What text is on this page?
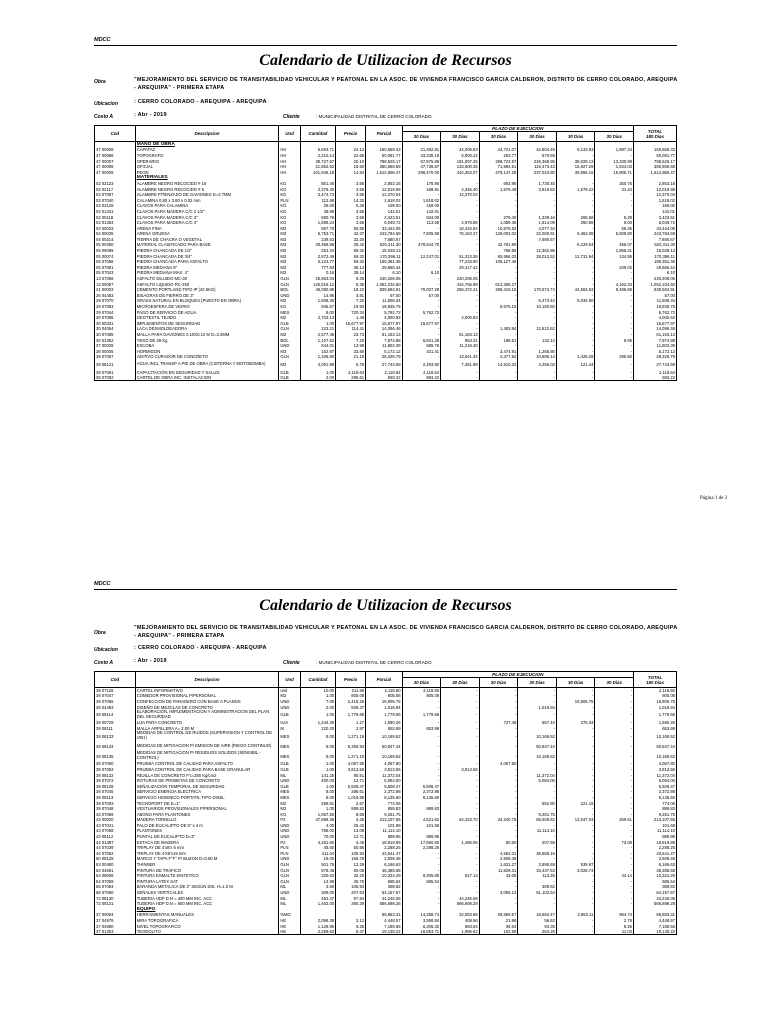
MDCC
Calendario de Utilizacion de Recursos
Obra	"MEJORAMIENTO DEL SERVICIO DE TRANSITABILIDAD VEHICULAR Y PEATONAL EN LA ASOC. DE VIVIENDA FRANCISCO GARCIA CALDERON, DISTRITO DE CERRO COLORADO, AREQUIPA - AREQUIPA" - PRIMERA ETAPA
Ubicacion	: CERRO COLORADO - AREQUIPA - AREQUIPA
Costo A	: Abr - 2019	Cliente	: MUNICIPALIDAD DISTRITAL DE CERRO COLORADO
Cod	Descripcion	Und	Cantidad	Precio	Parcial	PLAZO DE EJECUCION						TOTAL
180 Dias
						30 Dias	30 Dias	30 Dias	30 Dias	30 Dias	30 Dias	
	MANO DE OBRA											
47 00006	CAPATAZ	HH	6,693.71	24.12	160,658.33	21,392.81	44,006.83	44,721.07	42,804.45	5,133.93	1,897.24	160,658.33
47 00086	TOPOGRAFO	HH	2,210.14	22.66	50,081.77	43,338.19	5,800.22	263.77	679.59	-	-	50,081.77
47 00007	OPERARIO	HH	39,727.67	20.10	798,526.17	67,975.89	181,097.25	268,723.97	226,369.95	38,028.13	13,330.98	798,526.17
47 00008	OFICIAL	HH	21,852.52	16.50	360,566.58	47,736.87	133,600.45	71,984.51	119,473.43	15,927.29	1,844.03	360,566.58
47 00009	PEON	HH	101,945.18	14.84	1,512,866.47	298,470.00	442,363.07	479,147.28	237,023.80	39,956.15	15,905.71	1,512,866.47
	MATERIALES											
02 02123	ALAMBRE NEGRO RECOCIDO # 16	KG	801.45	3.56	2,853.16	178.90	-	693.96	1,730.45	-	250.75	2,853.16
02 02117	ALAMBRE NEGRO RECOCIDO # 8	KG	3,376.40	3.56	12,019.98	168.91	4,345.40	1,978.49	3,916.52	1,579.22	31.44	12,019.98
02 07087	ALAMBRE P/TENZADO DE GAVIONES D=2.7MM	KG	3,474.73	3.56	12,370.04	-	12,370.04	-	-	-	-	12,370.04
02 07040	CALAMINA 0.80 x 3.60 x 0.02 mm	PLN	112.89	14.32	1,618.02	1,618.02	-	-	-	-	-	1,618.02
02 03128	CLAVOS PARA CALAMINA	KG	25.00	6.36	159.00	159.00	-	-	-	-	-	159.00
02 01341	CLAVOS PARA MADERA C/C 2 1/2"	KG	39.89	3.56	142.01	142.01	-	-	-	-	-	142.01
02 00118	CLAVOS PARA MADERA C/C 3"	KG	680.76	3.56	2,423.51	534.00	-	279.40	1,339.16	265.66	5.29	2,423.51
02 01364	CLAVOS PARA MADERA C/C 4"	KG	1,698.24	3.56	6,049.72	113.58	2,976.85	1,089.35	1,614.09	250.96	5.00	6,049.72
04 00033	ARENA FINA	M3	657.70	50.85	33,444.05	-	18,434.84	10,875.52	4,077.34	-	56.35	33,444.05
04 00035	ARENA GRUESA	M3	6,753.71	42.37	243,784.69	7,805.59	76,163.27	126,003.02	22,060.91	6,462.08	6,509.80	243,784.69
04 00214	TIERRA DE CHACRA O VEGETAL	M3	239.53	32.20	7,680.67	-	-	-	7,680.67	-	-	7,680.67
05 00350	MATERIAL CLASIFICADO PARA BASE	M3	20,468.58	25.42	520,311.30	478,844.70	-	42,781.99	-	6,229.54	455.07	520,311.30
05 09089	PIEDRA CHANCADA DE 1/2"	M3	253.34	59.32	15,028.13	-	-	798.56	12,362.96	-	1,866.21	15,028.13
05 00074	PIEDRA CHANCADA DE 3/4"	M3	2,872.49	59.32	170,396.11	12,247.01	51,313.36	65,956.33	28,012.52	12,731.94	134.95	170,396.11
05 07058	PIEDRA CHANCADA PARA ASFALTO	M3	3,124.77	59.32	185,361.36	-	77,233.90	108,127.46	-	-	-	185,361.36
05 07081	PIEDRA MEDIANA 8"	M3	777.83	38.14	29,666.44	-	29,417.42	-	-	-	249.02	29,666.44
05 07043	PIEDRA MEDIANA MAX. 4"	M3	0.16	38.14	6.10	6.10	-	-	-	-	-	6.10
13 07056	ASFALTO DILUIDO MC-30	GLN	25,663.04	9.36	240,206.05	-	240,206.05	-	-	-	-	240,206.05
13 00087	ASFALTO LIQUIDO RC-250	GLN	126,516.12	8.35	1,052,234.60	-	434,765.99	613,306.27	-	-	4,162.34	1,052,234.60
21 00003	CEMENTO PORTLAND TIPO IP (42.5KG)	BOL	46,080.95	18.22	839,584.91	70,007.29	256,472.41	289,419.15	170,574.74	44,564.63	8,486.69	839,584.91
26 04483	BISAGRAS DE FIERRO DE 3"	UND	14.96	3.81	57.00	57.00	-	-	-	-	-	57.00
29 07070	GRASS NATURAL EN BLOQUES (PUESTO EN OBRA)	M2	1,508.30	7.20	11,508.34	-	-	-	6,473.44	5,034.90	-	11,508.34
29 07083	MICROESFERA DE VIDRIO	KG	945.57	19.92	18,835.75	-	-	8,675.15	10,160.60	-	-	18,835.75
29 07044	PAGO DE SERVICIO DE AGUA	MES	8.00	720.34	5,762.72	5,762.72	-	-	-	-	-	5,762.72
30 07086	GEOTEXTIL TEJIDO	M2	2,703.13	1.48	4,000.63	-	4,000.63	-	-	-	-	4,000.63
30 00331	IMPLEMENTOS DE SEGURIDAD	GLB	1.00	15,677.97	15,677.97	15,677.97	-	-	-	-	-	15,677.97
30 04064	LACA DESMOLDEADORA	GLN	123.21	114.41	14,096.46	-	-	1,483.84	12,612.62	-	-	14,096.46
30 07085	MALLA PARA GAVIONES 0.10X0.12 M D=3.4MM	M2	2,577.46	23.73	61,163.13	-	61,163.13	-	-	-	-	61,163.13
30 01352	YESO DE 28 Kg	BOL	1,107.62	7.20	7,974.88	6,601.25	953.31	188.51	132.14	-	9.65	7,974.88
37 00028	ESCOBA	UND	844.01	13.98	11,802.39	585.76	11,216.30	-	-	-	-	11,802.39
38 00005	HORMIGON	M3	152.97	33.80	5,172.12	431.41	-	3,474.91	1,265.80	-	-	5,172.12
39 07067	ADITIVO CURADOR DE CONCRETO	GLN	1,336.80	21.19	28,326.79	-	13,641.32	2,377.54	10,586.14	1,426.29	295.50	28,326.79
39 08121	AGUA INCL TRANSP A PIE DE OBRA (CISTERNA Y MOTOBOMBA)	M3	4,091.89	6.78	27,743.69	2,493.80	7,361.99	14,510.33	3,256.03	121.44	-	27,743.69
39 07081	CAPACITACIÓN EN SEGURIDAD Y SALUD	GLB	1.00	2,118.64	2,118.64	2,118.64	-	-	-	-	-	2,118.64
39 07082	CARTEL DE OBRA INC. INSTALACION	GLB	2.00	296.61	593.22	593.22	-	-	-	-	-	593.22
Página 1 de 3
MDCC
Calendario de Utilizacion de Recursos
Obra
"MEJORAMIENTO DEL SERVICIO DE TRANSITABILIDAD VEHICULAR Y PEATONAL EN LA ASOC. DE VIVIENDA FRANCISCO GARCIA CALDERON, DISTRITO DE CERRO COLORADO, AREQUIPA - AREQUIPA" - PRIMERA ETAPA
Ubicacion	: CERRO COLORADO - AREQUIPA - AREQUIPA
Costo A	: Abr - 2019	Cliente	: MUNICIPALIDAD DISTRITAL DE CERRO COLORADO
Cod	Descripcion	Und	Cantidad	Precio	Parcial	PLAZO DE EJECUCION						TOTAL
180 Dias
						30 Dias	30 Dias	30 Dias	30 Dias	30 Dias	30 Dias	
39 07126	CARTEL INFORMATIVO	und	10.00	211.86	2,118.60	2,118.60	-	-	-	-	-	2,118.60
39 07047	COMEDOR PROVISIONAL P/PERSONAL	M2	1.00	805.08	805.08	805.08	-	-	-	-	-	805.08
39 07065	CONFECCION DE PARADERO CON BASE A PLANOS	UND	7.00	2,415.25	16,906.75	-	-	-	-	16,906.75	-	16,906.75
39 04483	DISEÑO DE MEZCLAS DE CONCRETO	UND	2.00	508.47	1,016.94	-	-	-	1,016.94	-	-	1,016.94
39 08114	ELABORACIÓN, IMPLEMENTACIÓN Y ADMINISTRACIÓN DEL PLAN DEL SEGURIDAD	GLB	1.00	1,779.66	1,779.66	1,779.66	-	-	-	-	-	1,779.66
39 00729	LIJA PARA CONCRETO	HJA	1,244.30	1.27	1,580.26	-	-	737.48	567.44	275.34	-	1,580.26
39 08111	MALLA ARPILLERA A= 2.00 M	M	220.20	2.97	653.99	653.99	-	-	-	-	-	653.99
39 08133	MEDIDAS DE CONTROL DE RUIDOS (SUPERVISION Y CONTROL DE VEH)	MES	8.00	1,271.19	10,169.52	-	-	-	10,169.52	-	-	10,169.52
39 08134	MEDIDAS DE MITIGACION P/ EMISION DE AIRE (RIEGO CONTINUO)	MES	8.00	6,355.93	50,847.44	-	-	-	50,847.44	-	-	50,847.44
39 08135	MEDIDAS DE MITIGACION P/ RESIDUOS SOLIDOS (SENSIBIL.-CONTROL)	MES	8.00	1,271.19	10,169.52	-	-	-	10,169.52	-	-	10,169.52
39 07060	PRUEBA CONTROL DE CALIDAD PARA ASFALTO	GLB	1.00	4,067.80	4,067.80	-	-	4,067.80	-	-	-	4,067.80
39 07063	PRUEBA CONTROL DE CALIDAD PARA BASE GRANULAR	GLB	1.00	3,813.56	3,813.56	-	3,813.56	-	-	-	-	3,813.56
39 08132	REJILLA DE CONCRETO F'c=280 Kg/cm2	ML	141.25	80.51	11,372.04	-	-	-	11,372.04	-	-	11,372.04
39 07072	ROTURAS DE PROBETAS DE CONCRETO	UND	400.00	12.71	5,084.00	-	-	-	5,084.00	-	-	5,084.00
39 08128	SEÑALIZACIÓN TEMPORAL DE SEGURIDAD	GLB	1.00	5,508.47	5,508.47	5,508.47	-	-	-	-	-	5,508.47
39 07045	SERVICIO ENERGIA ELECTRICA	MES	8.00	296.61	2,372.88	2,372.88	-	-	-	-	-	2,372.88
39 08113	SERVICIO HIGIENICO PORTATIL TIPO DISEL	MES	8.00	1,016.95	8,135.60	8,135.60	-	-	-	-	-	8,135.60
39 07083	TECNOPORT DE E=1"	M2	289.81	2.67	774.06	-	-	-	552.90	221.16	-	774.06
39 07048	VESTUARIOS PROVISIONALES P/PERSONAL	M2	1.00	889.83	889.83	889.83	-	-	-	-	-	889.83
43 07069	ABONO PARA PLANTONES	KG	1,067.50	8.66	9,261.75	-	-	-	9,261.75	-	-	9,261.75
43 00020	MADERA TORNILLO	P2	47,888.36	4.45	213,107.65	4,621.62	64,423.70	34,240.76	86,505.62	13,047.04	269.51	213,107.65
43 07041	PALO DE EUCALIPTO DE 5" x 4 m	UND	4.00	25.42	101.68	101.68	-	-	-	-	-	101.68
43 07068	PLANTONES	UND	758.00	13.08	11,114.10	-	-	-	11,114.10	-	-	11,114.10
43 08112	PUNTAL DE EUCALIPTO D=3"	UND	70.00	12.71	889.95	889.95	-	-	-	-	-	889.95
44 01387	ESTACA DE MADERA	P2	4,251.60	4.45	18,919.89	17,860.50	1,486.06	80.60	207.65	-	73.08	18,919.89
44 07039	TRIPLAY DE 4'x8'x 6 mm	PLN	45.50	50.85	2,288.25	2,288.25	-	-	-	-	-	2,288.25
44 07062	TRIPLAY DE 4'X8'x19 mm	PLN	411.04	105.93	43,541.47	-	-	4,583.31	38,958.16	-	-	43,541.47
50 08129	MARCO Y TAPA F°F° P/ BUZON D=0.60 M	UND	16.00	156.78	2,508.48	-	-	2,508.48	-	-	-	2,508.48
53 00480	THINNER	GLN	501.76	12.29	6,166.63	-	-	1,631.27	3,995.69	539.67	-	6,166.63
54 04661	PINTURA DE TRAFICO	GLN	978.48	50.08	48,385.58	-	-	11,829.31	33,437.53	3,028.74	-	48,385.58
54 09006	PINTURA ESMALTE SINTETICO	GLN	320.63	32.20	10,324.29	9,305.80	817.13	43.08	113.26	-	44.14	10,324.29
54 07059	PINTURA LATEX SAT	GLN	14.98	45.76	685.54	685.54	-	-	-	-	-	685.54
56 07084	BARANDA METALICA DE 2" SEGÚN DIS. H=1.0 M	ML	3.68	105.93	389.82	-	-	-	389.82	-	-	389.82
56 07080	SEÑALES VERTICALES	UND	309.00	207.63	64,157.67	-	-	3,055.13	61,102.54	-	-	64,157.67
72 08130	TUBERIA HDP D.N = 400 MM INC. ACC	ML	452.47	97.84	44,246.06	-	44,246.06	-	-	-	-	44,246.06
72 08131	TUBERIA HDP D.N = 600 MM INC. ACC	ML	1,452.00	390.29	566,698.28	-	566,698.28	-	-	-	-	566,698.28
	EQUIPO											
37 00004	HERRAMIENTAS MANUALES	%MO			86,883.31	14,358.74	22,053.66	28,859.57	19,684.47	2,962.11	964.74	86,883.31
37 04978	MIRA TOPOGRAFICA	HE	2,098.38	2.12	4,448.57	3,958.84	408.56	21.98	56.63	-	2.76	4,448.57
37 04980	NIVEL TOPOGRAFICO	HE	1,129.95	6.36	7,186.55	6,306.32	683.94	36.64	94.39	-	8.26	7,186.55
37 01353	TEODOLITO	HE	2,259.53	8.47	19,138.22	16,853.71	1,995.62	102.58	264.26	-	11.03	19,138.22
